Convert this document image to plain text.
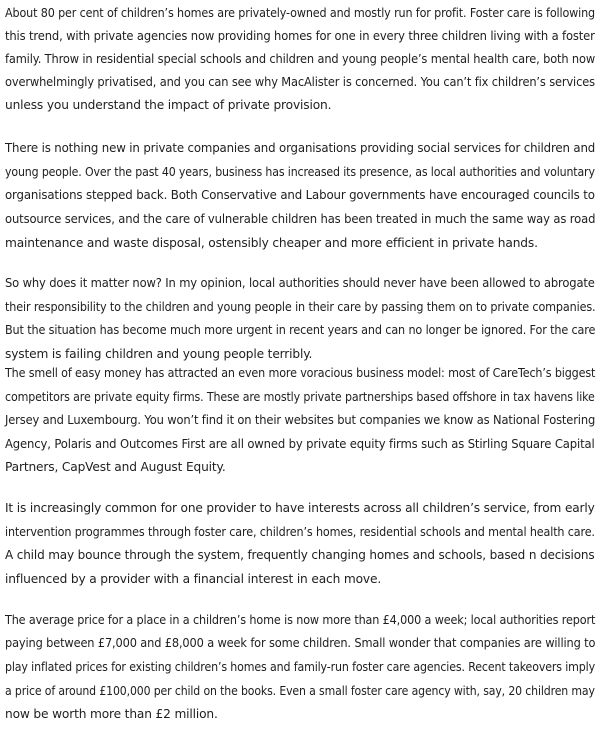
About 80 per cent of children’s homes are privately-owned and mostly run for profit. Foster care is following
this trend, with private agencies now providing homes for one in every three children living with a foster
family. Throw in residential special schools and children and young people’s mental health care, both now
overwhelmingly privatised, and you can see why MacAlister is concerned. You can’t fix children’s services
unless you understand the impact of private provision.
There is nothing new in private companies and organisations providing social services for children and
young people. Over the past 40 years, business has increased its presence, as local authorities and voluntary
organisations stepped back. Both Conservative and Labour governments have encouraged councils to
outsource services, and the care of vulnerable children has been treated in much the same way as road
maintenance and waste disposal, ostensibly cheaper and more efficient in private hands.
So why does it matter now? In my opinion, local authorities should never have been allowed to abrogate
their responsibility to the children and young people in their care by passing them on to private companies.
But the situation has become much more urgent in recent years and can no longer be ignored. For the care
system is failing children and young people terribly.
The smell of easy money has attracted an even more voracious business model: most of CareTech’s biggest
competitors are private equity firms. These are mostly private partnerships based offshore in tax havens like
Jersey and Luxembourg. You won’t find it on their websites but companies we know as National Fostering
Agency, Polaris and Outcomes First are all owned by private equity firms such as Stirling Square Capital
Partners, CapVest and August Equity.
It is increasingly common for one provider to have interests across all children’s service, from early
intervention programmes through foster care, children’s homes, residential schools and mental health care.
A child may bounce through the system, frequently changing homes and schools, based n decisions
influenced by a provider with a financial interest in each move.
The average price for a place in a children’s home is now more than £4,000 a week; local authorities report
paying between £7,000 and £8,000 a week for some children. Small wonder that companies are willing to
play inflated prices for existing children’s homes and family-run foster care agencies. Recent takeovers imply
a price of around £100,000 per child on the books. Even a small foster care agency with, say, 20 children may
now be worth more than £2 million.
